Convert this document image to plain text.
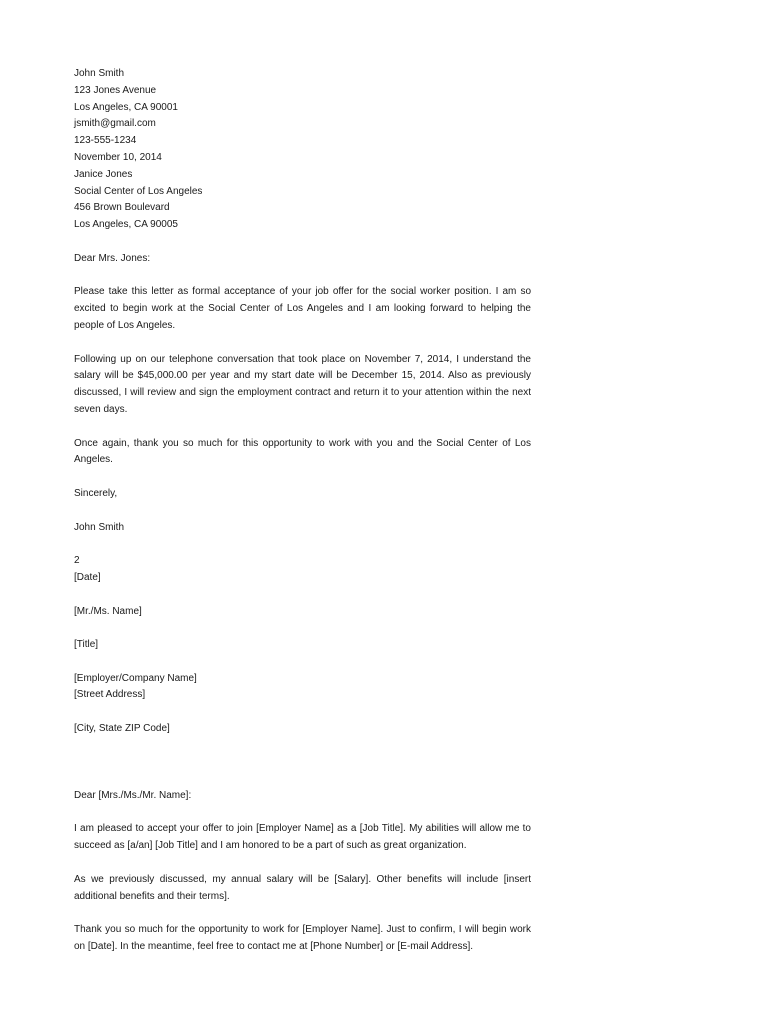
John Smith
123 Jones Avenue
Los Angeles, CA 90001
jsmith@gmail.com
123-555-1234
November 10, 2014
Janice Jones
Social Center of Los Angeles
456 Brown Boulevard
Los Angeles, CA 90005
Dear Mrs. Jones:

Please take this letter as formal acceptance of your job offer for the social worker position. I am so excited to begin work at the Social Center of Los Angeles and I am looking forward to helping the people of Los Angeles.

Following up on our telephone conversation that took place on November 7, 2014, I understand the salary will be $45,000.00 per year and my start date will be December 15, 2014. Also as previously discussed, I will review and sign the employment contract and return it to your attention within the next seven days.

Once again, thank you so much for this opportunity to work with you and the Social Center of Los Angeles.

Sincerely,
John Smith
2
[Date]
[Mr./Ms. Name]
[Title]
[Employer/Company Name]
[Street Address]
[City, State ZIP Code]
Dear [Mrs./Ms./Mr. Name]:

I am pleased to accept your offer to join [Employer Name] as a [Job Title]. My abilities will allow me to succeed as [a/an] [Job Title] and I am honored to be a part of such as great organization.

As we previously discussed, my annual salary will be [Salary]. Other benefits will include [insert additional benefits and their terms].

Thank you so much for the opportunity to work for [Employer Name]. Just to confirm, I will begin work on [Date]. In the meantime, feel free to contact me at [Phone Number] or [E-mail Address].
